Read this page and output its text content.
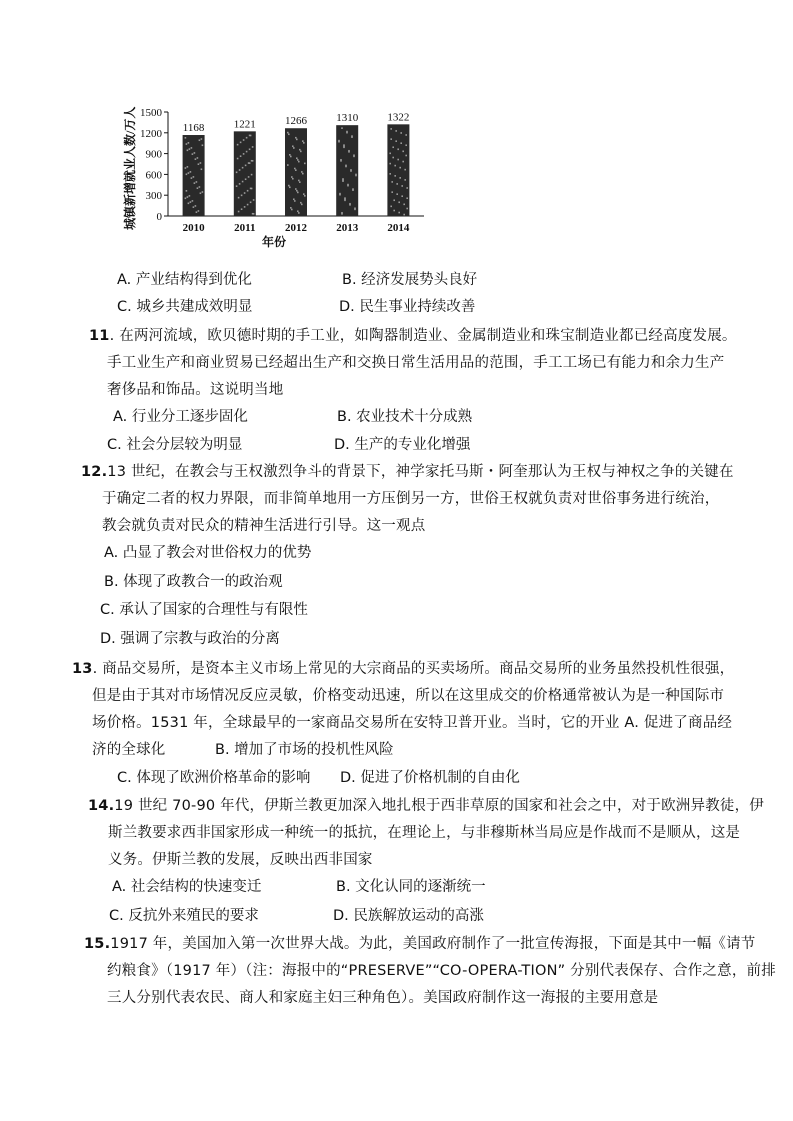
城镇新增就业人数/万人 0
300
600
900
1200
1500
1168	1221	1266	1310	1322
2010	2011	2012	2013	2014
年份
A. 产业结构得到优化	B. 经济发展势头良好
C. 城乡共建成效明显	D. 民生事业持续改善
11. 在两河流域，欧贝德时期的手工业，如陶器制造业、金属制造业和珠宝制造业都已经高度发展。
手工业生产和商业贸易已经超出生产和交换日常生活用品的范围，手工工场已有能力和余力生产
奢侈品和饰品。这说明当地
A. 行业分工逐步固化	B. 农业技术十分成熟
C. 社会分层较为明显	D. 生产的专业化增强
12.13 世纪，在教会与王权激烈争斗的背景下，神学家托马斯・阿奎那认为王权与神权之争的关键在
于确定二者的权力界限，而非简单地用一方压倒另一方，世俗王权就负责对世俗事务进行统治，
教会就负责对民众的精神生活进行引导。这一观点
A. 凸显了教会对世俗权力的优势
B. 体现了政教合一的政治观
C. 承认了国家的合理性与有限性
D. 强调了宗教与政治的分离
13. 商品交易所，是资本主义市场上常见的大宗商品的买卖场所。商品交易所的业务虽然投机性很强，
但是由于其对市场情况反应灵敏，价格变动迅速，所以在这里成交的价格通常被认为是一种国际市
场价格。1531 年，全球最早的一家商品交易所在安特卫普开业。当时，它的开业 A. 促进了商品经
济的全球化	B. 增加了市场的投机性风险
C. 体现了欧洲价格革命的影响 D. 促进了价格机制的自由化
14.19 世纪 70-90 年代，伊斯兰教更加深入地扎根于西非草原的国家和社会之中，对于欧洲异教徒，伊
斯兰教要求西非国家形成一种统一的抵抗，在理论上，与非穆斯林当局应是作战而不是顺从，这是
义务。伊斯兰教的发展，反映出西非国家
A. 社会结构的快速变迁	B. 文化认同的逐渐统一
C. 反抗外来殖民的要求	D. 民族解放运动的高涨
15.1917 年，美国加入第一次世界大战。为此，美国政府制作了一批宣传海报，下面是其中一幅《请节
约粮食》（1917 年）（注：海报中的“PRESERVE”“CO-OPERA-TION” 分别代表保存、合作之意，前排
三人分别代表农民、商人和家庭主妇三种角色）。美国政府制作这一海报的主要用意是
